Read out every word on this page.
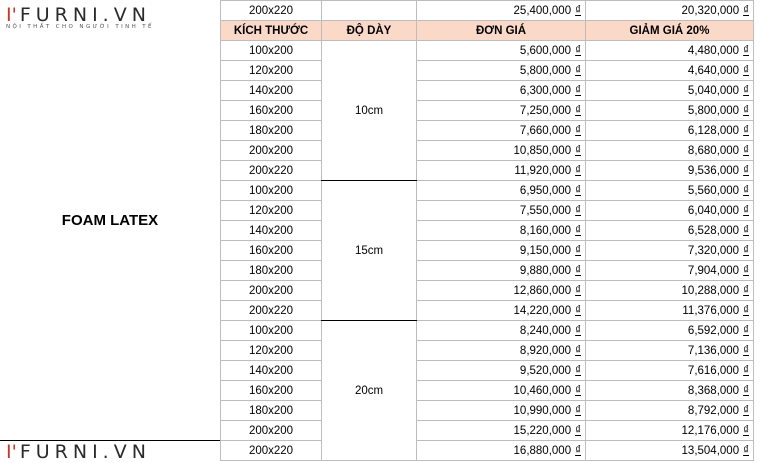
I' FURNI.VN
NỘI THẤT CHO NGƯỜI TINH TẾ
FOAM LATEX
I' FURNI.VN
200x220		25,400,000 ₫	20,320,000 ₫
KÍCH THƯỚC	ĐỘ DÀY	ĐƠN GIÁ	GIẢM GIÁ 20%
100x200	10cm	5,600,000 ₫	4,480,000 ₫
120x200		5,800,000 ₫	4,640,000 ₫
140x200		6,300,000 ₫	5,040,000 ₫
160x200		7,250,000 ₫	5,800,000 ₫
180x200		7,660,000 ₫	6,128,000 ₫
200x200		10,850,000 ₫	8,680,000 ₫
200x220		11,920,000 ₫	9,536,000 ₫
100x200	15cm	6,950,000 ₫	5,560,000 ₫
120x200		7,550,000 ₫	6,040,000 ₫
140x200		8,160,000 ₫	6,528,000 ₫
160x200		9,150,000 ₫	7,320,000 ₫
180x200		9,880,000 ₫	7,904,000 ₫
200x200		12,860,000 ₫	10,288,000 ₫
200x220		14,220,000 ₫	11,376,000 ₫
100x200	20cm	8,240,000 ₫	6,592,000 ₫
120x200		8,920,000 ₫	7,136,000 ₫
140x200		9,520,000 ₫	7,616,000 ₫
160x200		10,460,000 ₫	8,368,000 ₫
180x200		10,990,000 ₫	8,792,000 ₫
200x200		15,220,000 ₫	12,176,000 ₫
200x220		16,880,000 ₫	13,504,000 ₫
